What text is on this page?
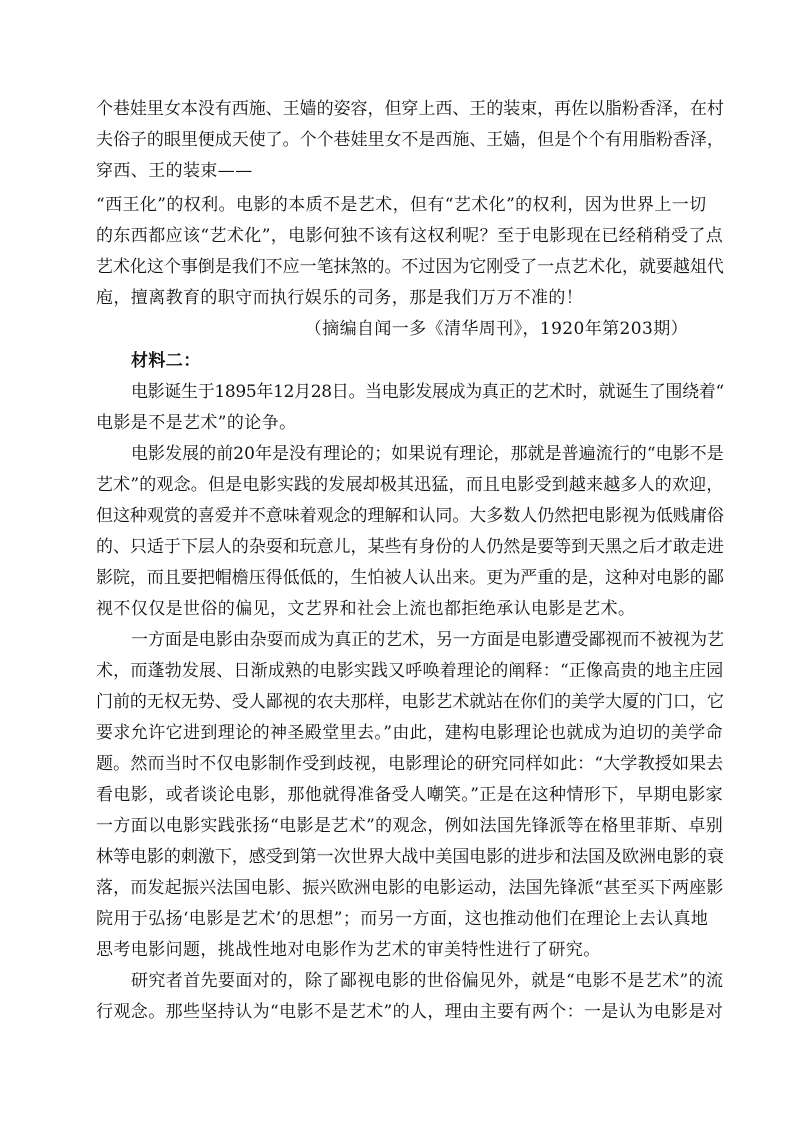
个巷娃里女本没有西施、王嫱的姿容，但穿上西、王的装束，再佐以脂粉香泽，在村
夫俗子的眼里便成天使了。个个巷娃里女不是西施、王嫱，但是个个有用脂粉香泽，
穿西、王的装束——
“西王化”的权利。电影的本质不是艺术，但有“艺术化”的权利，因为世界上一切
的东西都应该“艺术化”，电影何独不该有这权利呢？至于电影现在已经稍稍受了点
艺术化这个事倒是我们不应一笔抹煞的。不过因为它刚受了一点艺术化，就要越俎代
庖，擅离教育的职守而执行娱乐的司务，那是我们万万不准的！
（摘编自闻一多《清华周刊》，1920年第203期）
材料二：
电影诞生于1895年12月28日。当电影发展成为真正的艺术时，就诞生了围绕着“
电影是不是艺术”的论争。
电影发展的前20年是没有理论的；如果说有理论，那就是普遍流行的“电影不是
艺术”的观念。但是电影实践的发展却极其迅猛，而且电影受到越来越多人的欢迎，
但这种观赏的喜爱并不意味着观念的理解和认同。大多数人仍然把电影视为低贱庸俗
的、只适于下层人的杂耍和玩意儿，某些有身份的人仍然是要等到天黑之后才敢走进
影院，而且要把帽檐压得低低的，生怕被人认出来。更为严重的是，这种对电影的鄙
视不仅仅是世俗的偏见，文艺界和社会上流也都拒绝承认电影是艺术。
一方面是电影由杂耍而成为真正的艺术，另一方面是电影遭受鄙视而不被视为艺
术，而蓬勃发展、日渐成熟的电影实践又呼唤着理论的阐释：“正像高贵的地主庄园
门前的无权无势、受人鄙视的农夫那样，电影艺术就站在你们的美学大厦的门口，它
要求允许它进到理论的神圣殿堂里去。”由此，建构电影理论也就成为迫切的美学命
题。然而当时不仅电影制作受到歧视，电影理论的研究同样如此：“大学教授如果去
看电影，或者谈论电影，那他就得准备受人嘲笑。”正是在这种情形下，早期电影家
一方面以电影实践张扬“电影是艺术”的观念，例如法国先锋派等在格里菲斯、卓别
林等电影的刺激下，感受到第一次世界大战中美国电影的进步和法国及欧洲电影的衰
落，而发起振兴法国电影、振兴欧洲电影的电影运动，法国先锋派“甚至买下两座影
院用于弘扬‘电影是艺术’的思想”；而另一方面，这也推动他们在理论上去认真地
思考电影问题，挑战性地对电影作为艺术的审美特性进行了研究。
研究者首先要面对的，除了鄙视电影的世俗偏见外，就是“电影不是艺术”的流
行观念。那些坚持认为“电影不是艺术”的人，理由主要有两个：一是认为电影是对
